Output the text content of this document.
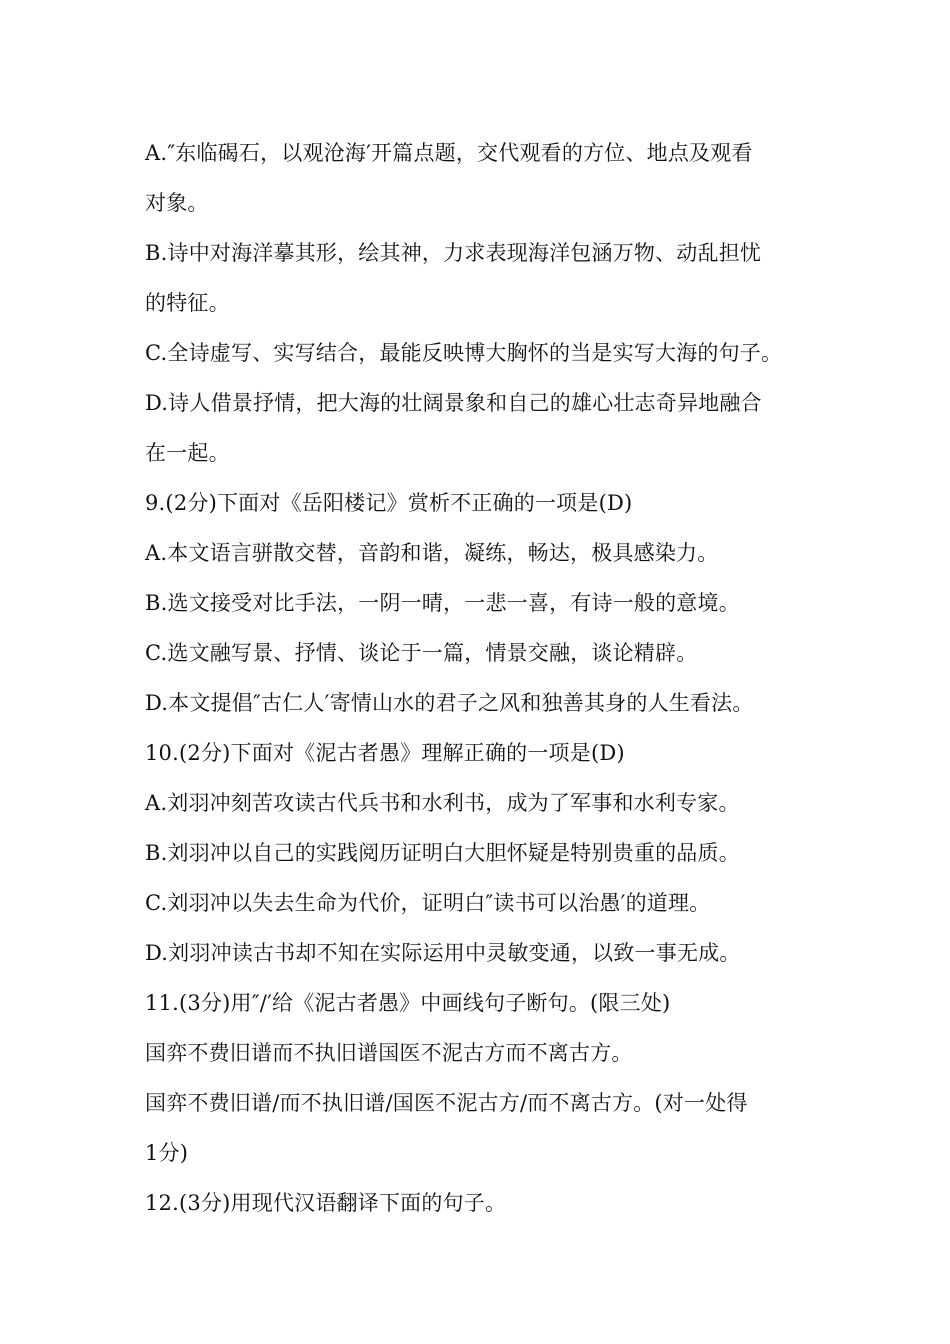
A.″东临碣石，以观沧海′开篇点题，交代观看的方位、地点及观看
对象。
B.诗中对海洋摹其形，绘其神，力求表现海洋包涵万物、动乱担忧
的特征。
C.全诗虚写、实写结合，最能反映博大胸怀的当是实写大海的句子。
D.诗人借景抒情，把大海的壮阔景象和自己的雄心壮志奇异地融合
在一起。
9.(2分)下面对《岳阳楼记》赏析不正确的一项是(D)
A.本文语言骈散交替，音韵和谐，凝练，畅达，极具感染力。
B.选文接受对比手法，一阴一晴，一悲一喜，有诗一般的意境。
C.选文融写景、抒情、谈论于一篇，情景交融，谈论精辟。
D.本文提倡″古仁人′寄情山水的君子之风和独善其身的人生看法。
10.(2分)下面对《泥古者愚》理解正确的一项是(D)
A.刘羽冲刻苦攻读古代兵书和水利书，成为了军事和水利专家。
B.刘羽冲以自己的实践阅历证明白大胆怀疑是特别贵重的品质。
C.刘羽冲以失去生命为代价，证明白″读书可以治愚′的道理。
D.刘羽冲读古书却不知在实际运用中灵敏变通，以致一事无成。
11.(3分)用″/′给《泥古者愚》中画线句子断句。(限三处)
国弈不费旧谱而不执旧谱国医不泥古方而不离古方。
国弈不费旧谱/而不执旧谱/国医不泥古方/而不离古方。(对一处得
1分)
12.(3分)用现代汉语翻译下面的句子。
